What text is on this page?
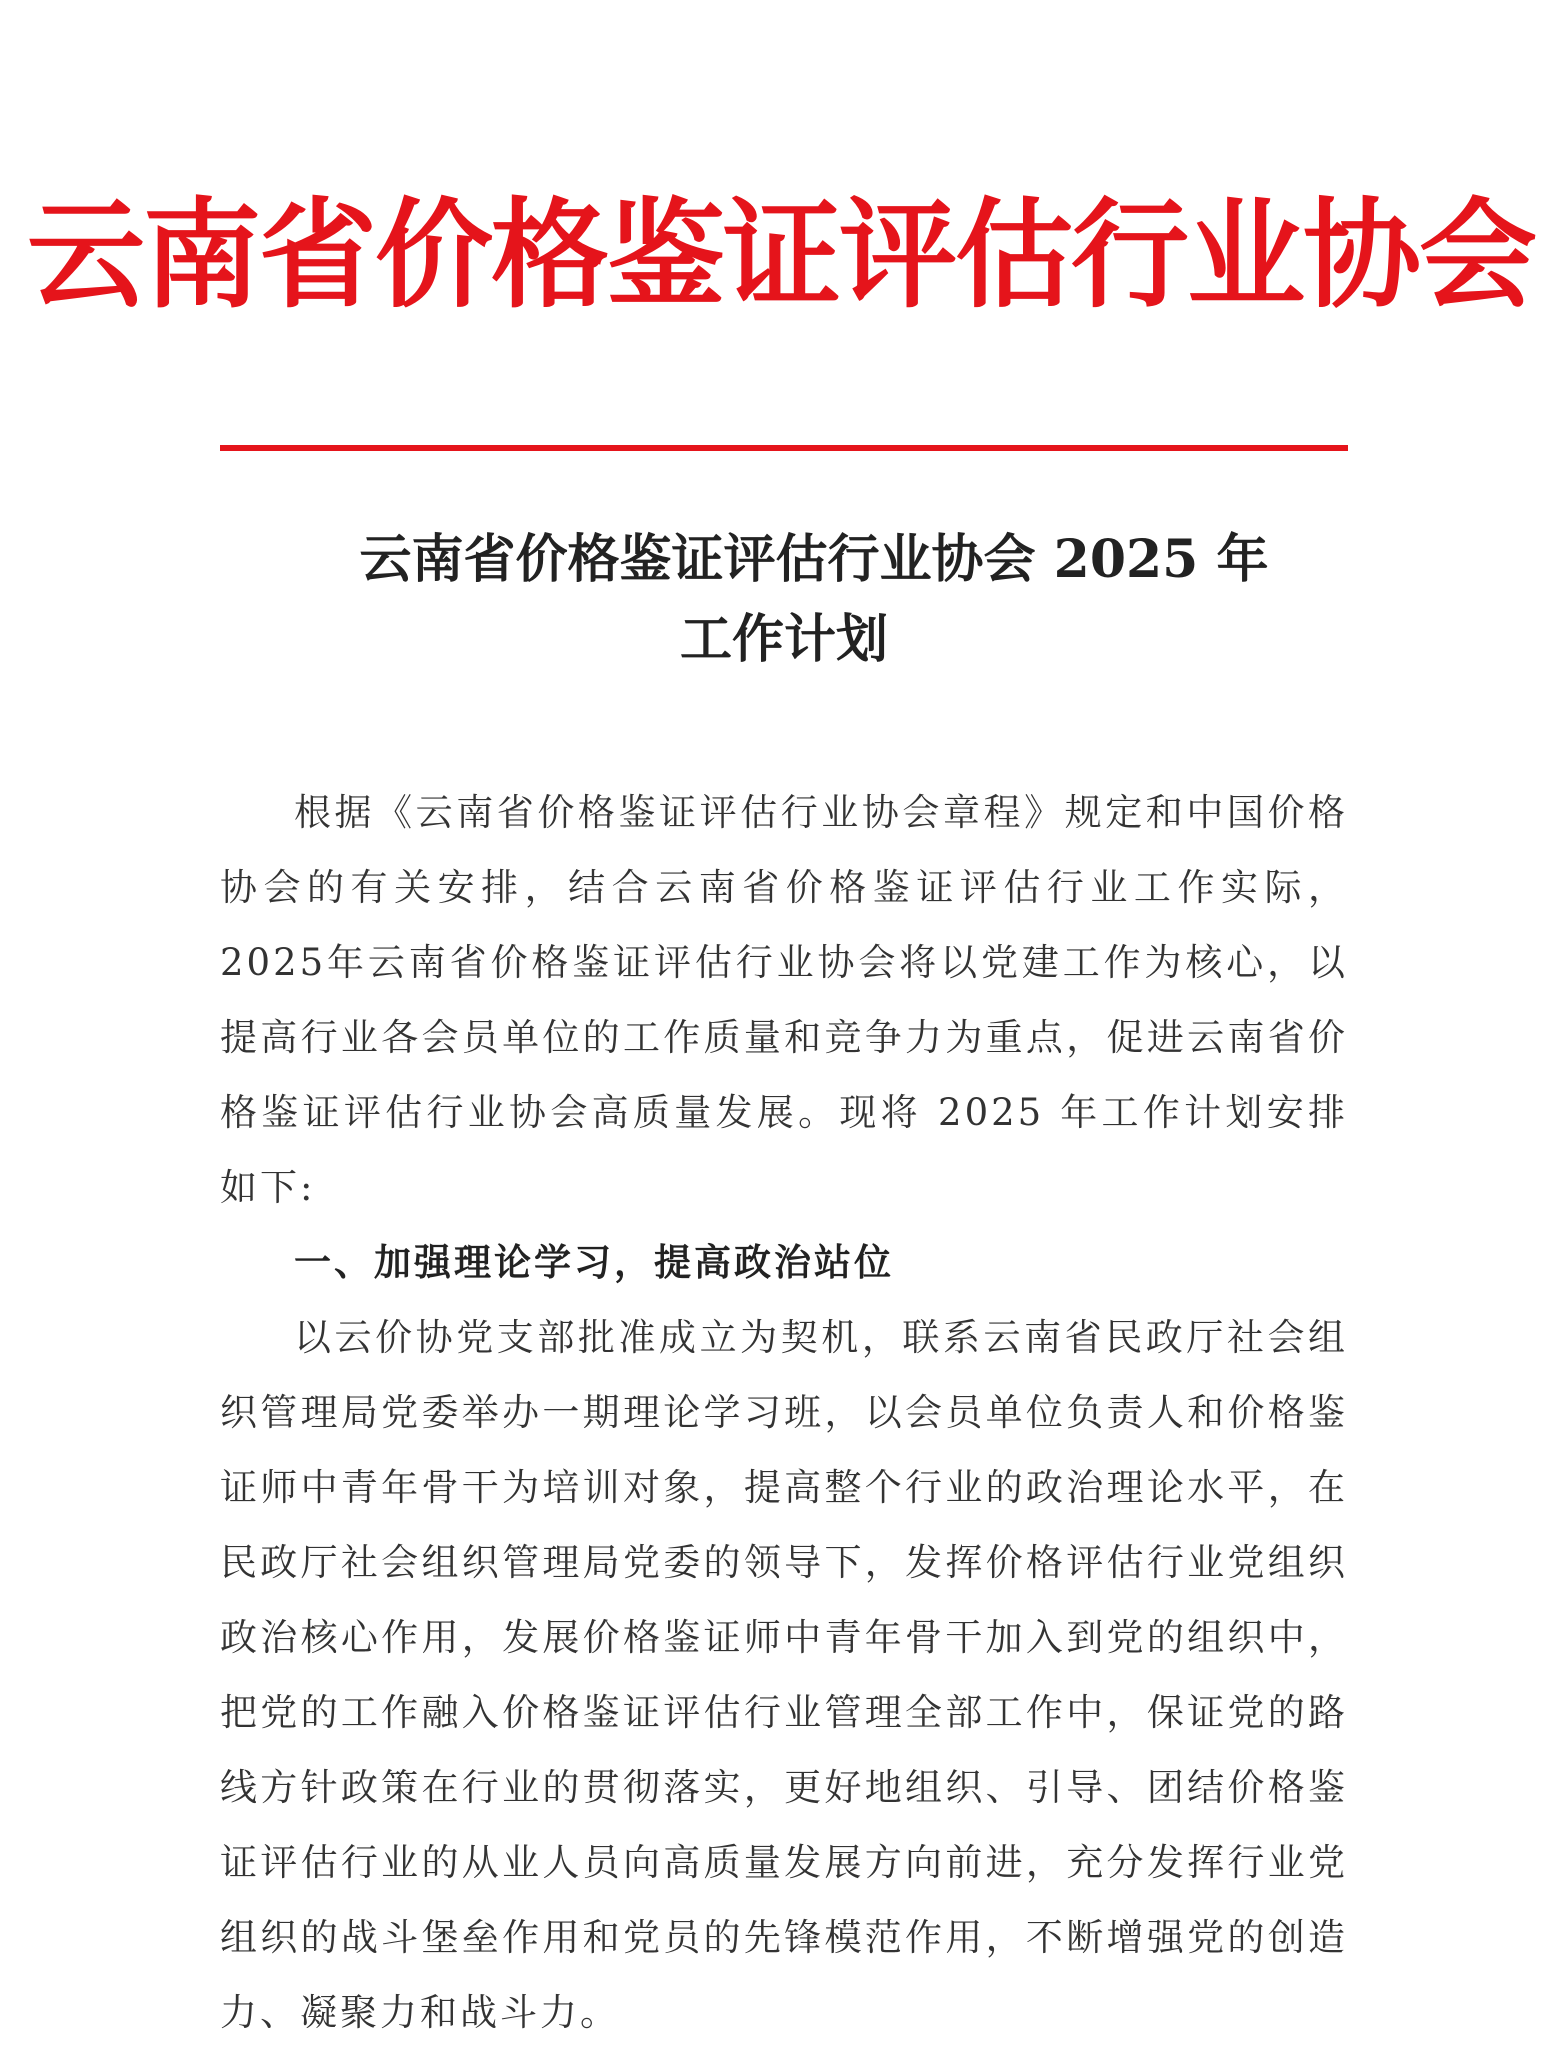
云南省价格鉴证评估行业协会
云南省价格鉴证评估行业协会 2025 年
工作计划

根据《云南省价格鉴证评估行业协会章程》规定和中国价格协会的有关安排，结合云南省价格鉴证评估行业工作实际，2025年云南省价格鉴证评估行业协会将以党建工作为核心，以提高行业各会员单位的工作质量和竞争力为重点，促进云南省价格鉴证评估行业协会高质量发展。现将 2025 年工作计划安排如下:

一、加强理论学习，提高政治站位

以云价协党支部批准成立为契机，联系云南省民政厅社会组织管理局党委举办一期理论学习班，以会员单位负责人和价格鉴证师中青年骨干为培训对象，提高整个行业的政治理论水平，在民政厅社会组织管理局党委的领导下，发挥价格评估行业党组织政治核心作用，发展价格鉴证师中青年骨干加入到党的组织中，把党的工作融入价格鉴证评估行业管理全部工作中，保证党的路线方针政策在行业的贯彻落实，更好地组织、引导、团结价格鉴证评估行业的从业人员向高质量发展方向前进，充分发挥行业党组织的战斗堡垒作用和党员的先锋模范作用，不断增强党的创造力、凝聚力和战斗力。
